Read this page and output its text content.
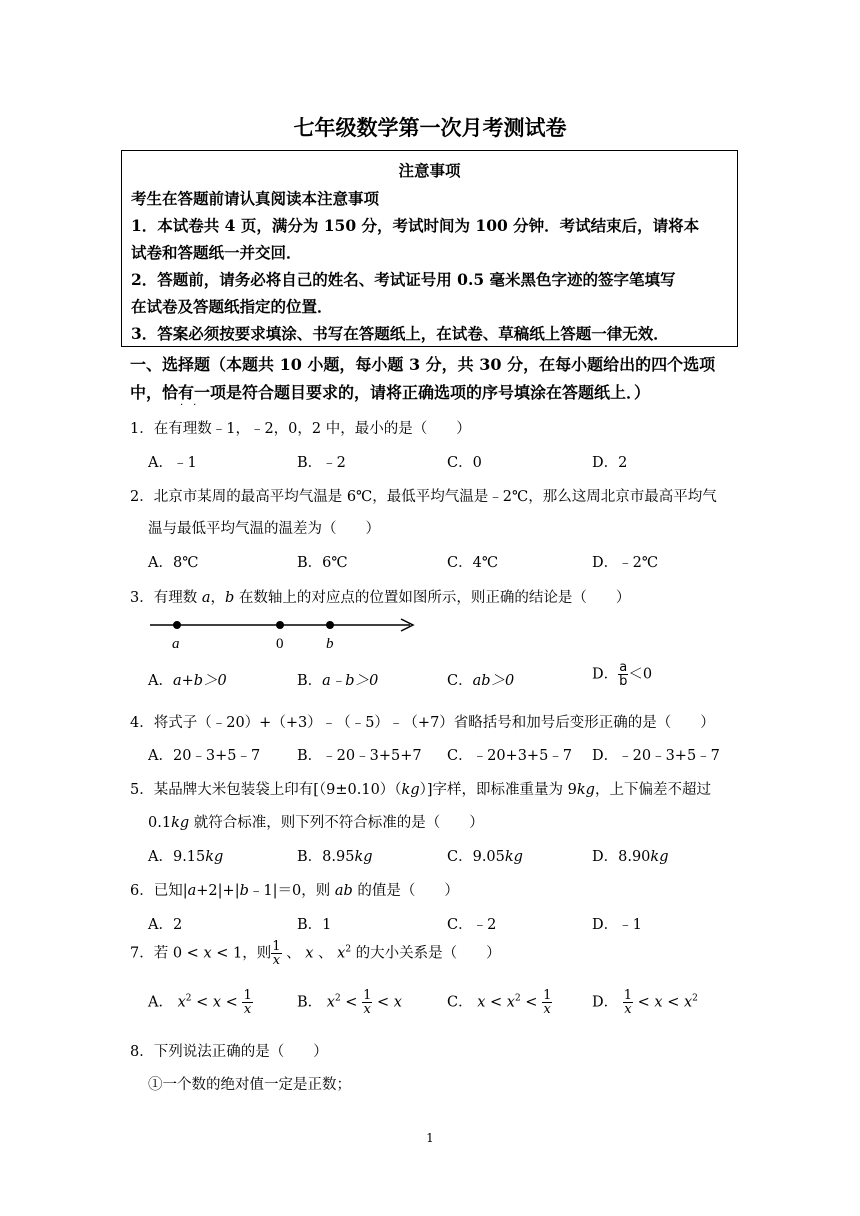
七年级数学第一次月考测试卷
注意事项
考生在答题前请认真阅读本注意事项
1．本试卷共 4 页，满分为 150 分，考试时间为 100 分钟．考试结束后，请将本
试卷和答题纸一并交回．
2．答题前，请务必将自己的姓名、考试证号用 0.5 毫米黑色字迹的签字笔填写
在试卷及答题纸指定的位置．
3．答案必须按要求填涂、书写在答题纸上，在试卷、草稿纸上答题一律无效．
一、选择题（本题共 10 小题，每小题 3 分，共 30 分，在每小题给出的四个选项
中，恰有一项是符合题目要求的，请将正确选项的序号填涂在答题纸上．）
·　·
1．在有理数﹣1，﹣2，0，2 中，最小的是（　　）
A．﹣1	B．﹣2	C．0	D．2
2．北京市某周的最高平均气温是 6℃，最低平均气温是﹣2℃，那么这周北京市最高平均气
温与最低平均气温的温差为（　　）
A．8℃	B．6℃	C．4℃	D．﹣2℃
3．有理数 a，b 在数轴上的对应点的位置如图所示，则正确的结论是（　　）
a	0	b
A．a+b＞0	B．a﹣b＞0	C．ab＞0	D． $\frac{a}{b} <0$
4．将式子（﹣20）+（+3）﹣（﹣5）﹣（+7）省略括号和加号后变形正确的是（　　）
A．20﹣3+5﹣7	B．﹣20﹣3+5+7 C．﹣20+3+5﹣7 D．﹣20﹣3+5﹣7
5．某品牌大米包装袋上印有[（9±0.10）（kg）]字样，即标准重量为 9kg，上下偏差不超过
0.1kg 就符合标准，则下列不符合标准的是（　　）
A．9.15kg	B．8.95kg	C．9.05kg	D．8.90kg
6．已知|a+2|+|b﹣1|＝0，则 ab 的值是（　　）
A．2	B．1	C．﹣2	D．﹣1
7．若 0 < x < 1，则 $\frac{1}{x}$ 、 x 、 $x^2$ 的大小关系是（　　）
A． $x^2 < x < \frac{1}{x}$	B． $x^2 < \frac{1}{x} < x$	C． $x < x^2 < \frac{1}{x}$	D． $\frac{1}{x} < x < x^2$
8．下列说法正确的是（　　）
①一个数的绝对值一定是正数；
1
